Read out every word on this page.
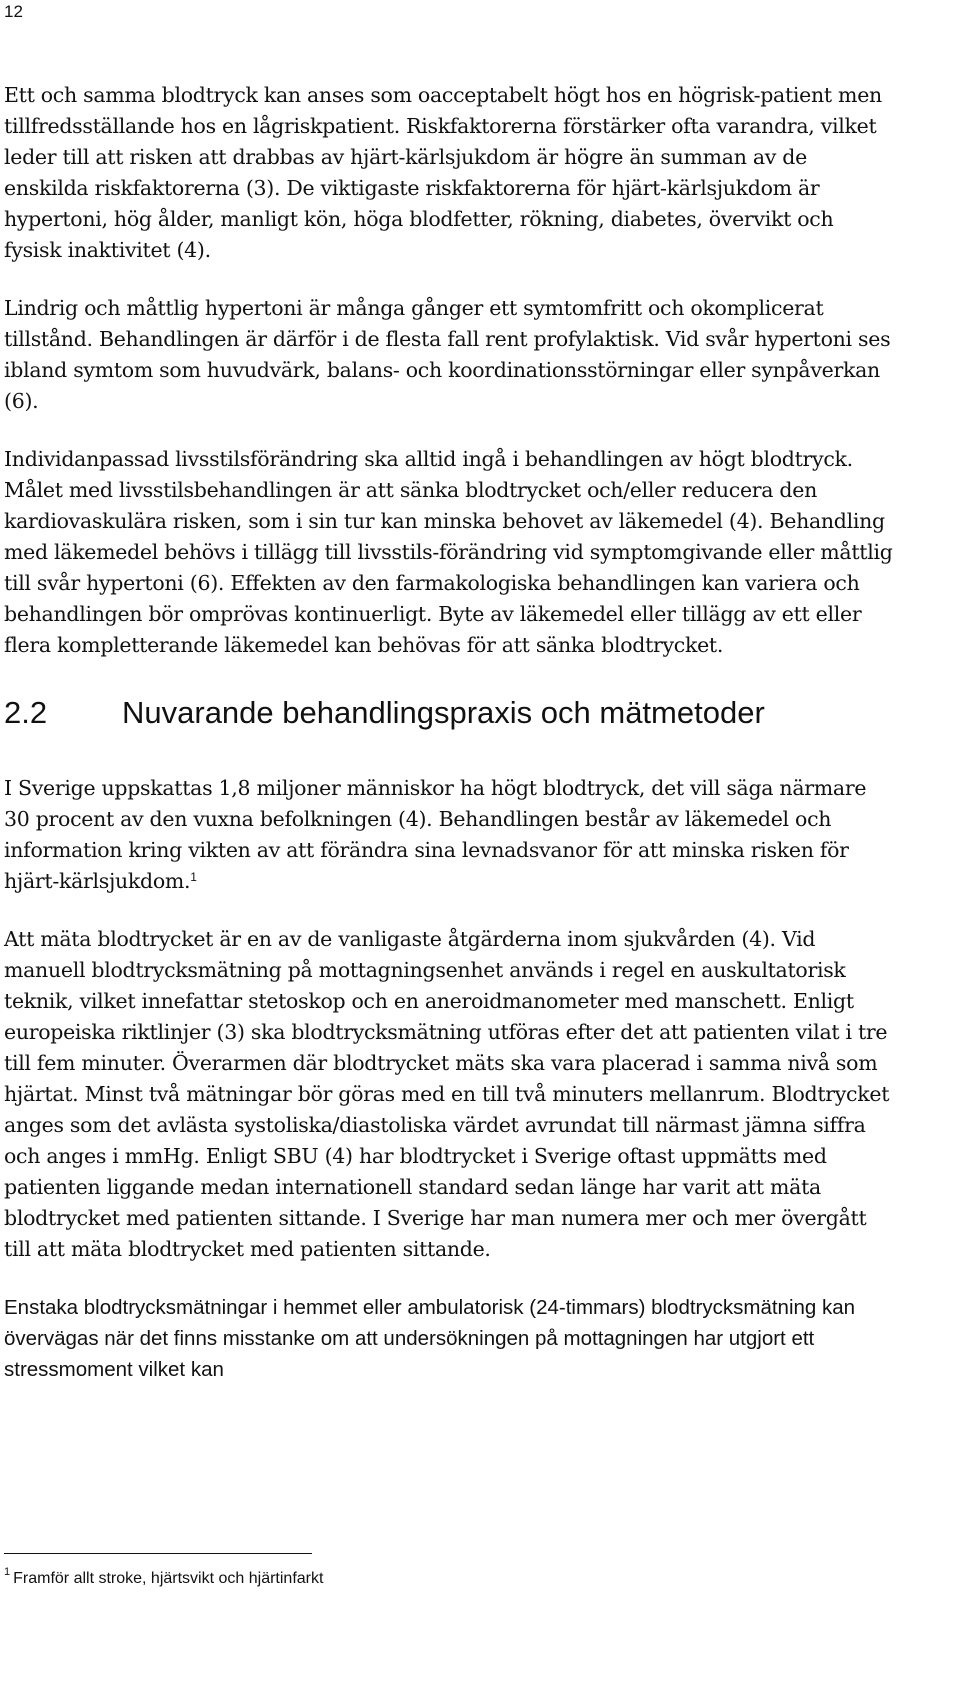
12

Ett och samma blodtryck kan anses som oacceptabelt högt hos en högrisk-patient men tillfredsställande hos en lågriskpatient. Riskfaktorerna förstärker ofta varandra, vilket leder till att risken att drabbas av hjärt-kärlsjukdom är högre än summan av de enskilda riskfaktorerna (3). De viktigaste riskfaktorerna för hjärt-kärlsjukdom är hypertoni, hög ålder, manligt kön, höga blodfetter, rökning, diabetes, övervikt och fysisk inaktivitet (4).

Lindrig och måttlig hypertoni är många gånger ett symtomfritt och okomplicerat tillstånd. Behandlingen är därför i de flesta fall rent profylaktisk. Vid svår hypertoni ses ibland symtom som huvudvärk, balans- och koordinationsstörningar eller synpåverkan (6).

Individanpassad livsstilsförändring ska alltid ingå i behandlingen av högt blodtryck. Målet med livsstilsbehandlingen är att sänka blodtrycket och/eller reducera den kardiovaskulära risken, som i sin tur kan minska behovet av läkemedel (4). Behandling med läkemedel behövs i tillägg till livsstils-förändring vid symptomgivande eller måttlig till svår hypertoni (6). Effekten av den farmakologiska behandlingen kan variera och behandlingen bör omprövas kontinuerligt. Byte av läkemedel eller tillägg av ett eller flera kompletterande läkemedel kan behövas för att sänka blodtrycket.

2.2 Nuvarande behandlingspraxis och mätmetoder

I Sverige uppskattas 1,8 miljoner människor ha högt blodtryck, det vill säga närmare 30 procent av den vuxna befolkningen (4). Behandlingen består av läkemedel och information kring vikten av att förändra sina levnadsvanor för att minska risken för hjärt-kärlsjukdom.$^1$

Att mäta blodtrycket är en av de vanligaste åtgärderna inom sjukvården (4). Vid manuell blodtrycksmätning på mottagningsenhet används i regel en auskultatorisk teknik, vilket innefattar stetoskop och en aneroidmanometer med manschett. Enligt europeiska riktlinjer (3) ska blodtrycksmätning utföras efter det att patienten vilat i tre till fem minuter. Överarmen där blodtrycket mäts ska vara placerad i samma nivå som hjärtat. Minst två mätningar bör göras med en till två minuters mellanrum. Blodtrycket anges som det avlästa systoliska/diastoliska värdet avrundat till närmast jämna siffra och anges i mmHg. Enligt SBU (4) har blodtrycket i Sverige oftast uppmätts med patienten liggande medan internationell standard sedan länge har varit att mäta blodtrycket med patienten sittande. I Sverige har man numera mer och mer övergått till att mäta blodtrycket med patienten sittande.

Enstaka blodtrycksmätningar i hemmet eller ambulatorisk (24-timmars) blodtrycksmätning kan övervägas när det finns misstanke om att undersökningen på mottagningen har utgjort ett stressmoment vilket kan

$^1$ Framför allt stroke, hjärtsvikt och hjärtinfarkt
